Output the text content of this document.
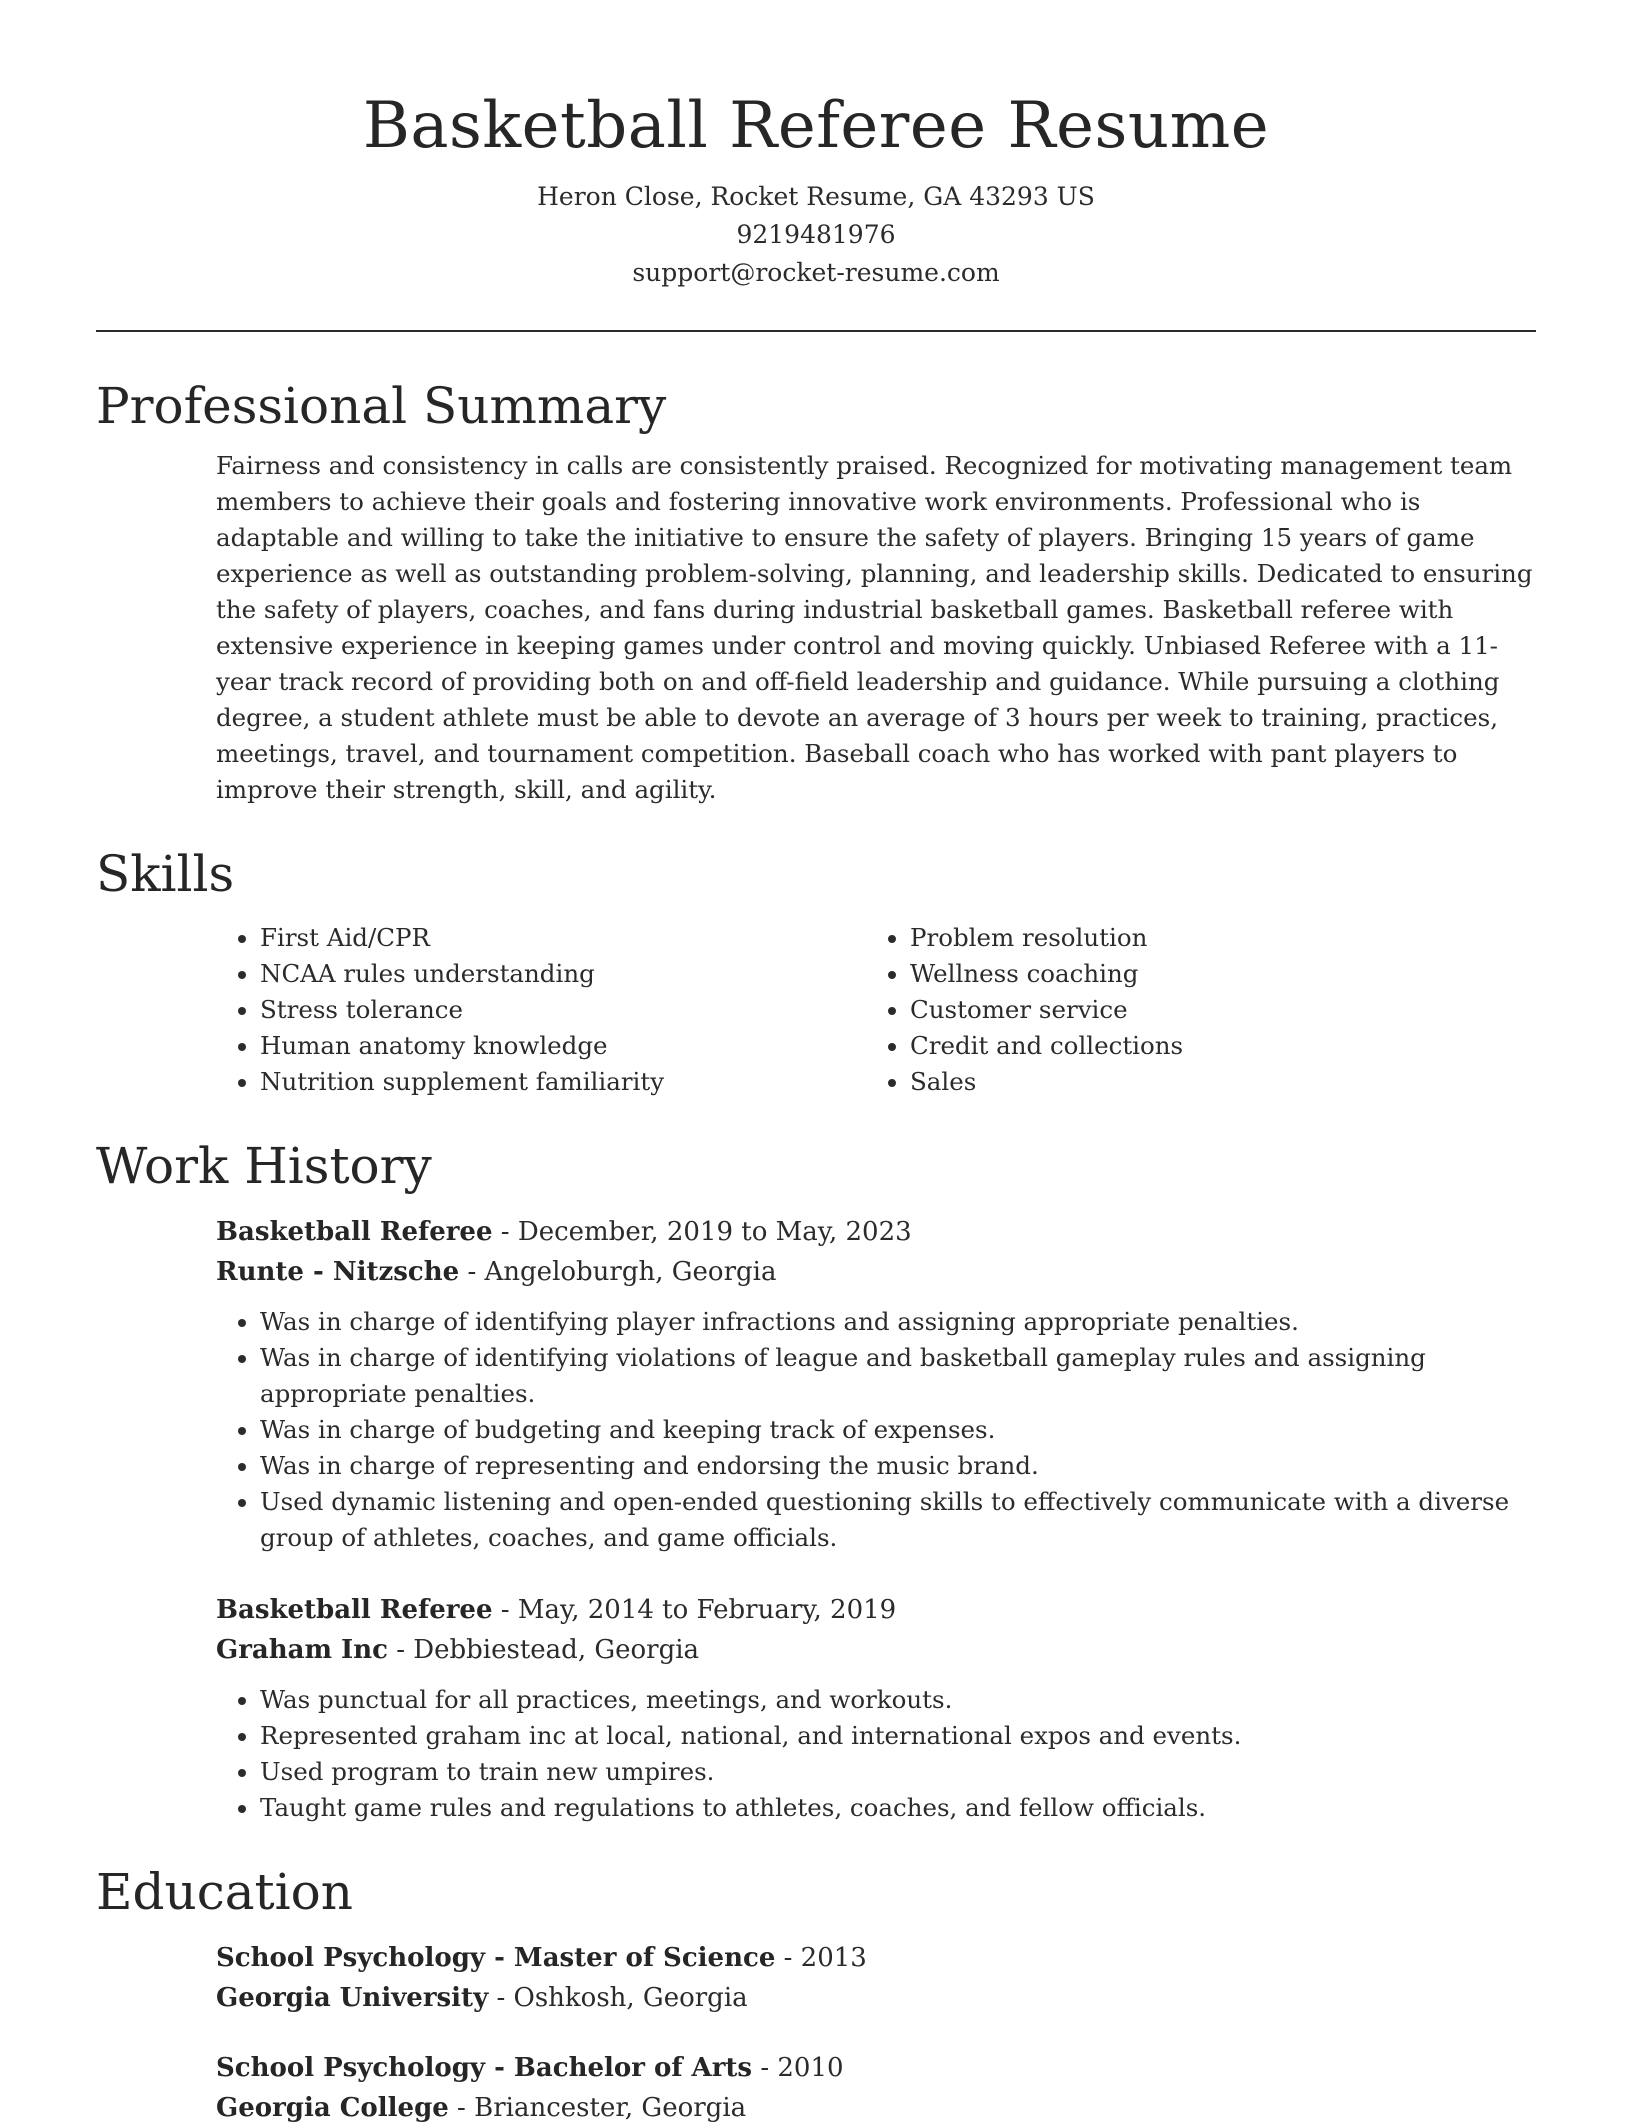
Basketball Referee Resume
Heron Close, Rocket Resume, GA 43293 US
9219481976
support@rocket-resume.com
Professional Summary
Fairness and consistency in calls are consistently praised. Recognized for motivating management team members to achieve their goals and fostering innovative work environments. Professional who is adaptable and willing to take the initiative to ensure the safety of players. Bringing 15 years of game experience as well as outstanding problem-solving, planning, and leadership skills. Dedicated to ensuring the safety of players, coaches, and fans during industrial basketball games. Basketball referee with extensive experience in keeping games under control and moving quickly. Unbiased Referee with a 11-year track record of providing both on and off-field leadership and guidance. While pursuing a clothing degree, a student athlete must be able to devote an average of 3 hours per week to training, practices, meetings, travel, and tournament competition. Baseball coach who has worked with pant players to improve their strength, skill, and agility.
Skills
• First Aid/CPR
• NCAA rules understanding
• Stress tolerance
• Human anatomy knowledge
• Nutrition supplement familiarity
• Problem resolution
• Wellness coaching
• Customer service
• Credit and collections
• Sales
Work History
Basketball Referee - December, 2019 to May, 2023
Runte - Nitzsche - Angeloburgh, Georgia
• Was in charge of identifying player infractions and assigning appropriate penalties.
• Was in charge of identifying violations of league and basketball gameplay rules and assigning appropriate penalties.
• Was in charge of budgeting and keeping track of expenses.
• Was in charge of representing and endorsing the music brand.
• Used dynamic listening and open-ended questioning skills to effectively communicate with a diverse group of athletes, coaches, and game officials.
Basketball Referee - May, 2014 to February, 2019
Graham Inc - Debbiestead, Georgia
• Was punctual for all practices, meetings, and workouts.
• Represented graham inc at local, national, and international expos and events.
• Used program to train new umpires.
• Taught game rules and regulations to athletes, coaches, and fellow officials.
Education
School Psychology - Master of Science - 2013
Georgia University - Oshkosh, Georgia
School Psychology - Bachelor of Arts - 2010
Georgia College - Briancester, Georgia
